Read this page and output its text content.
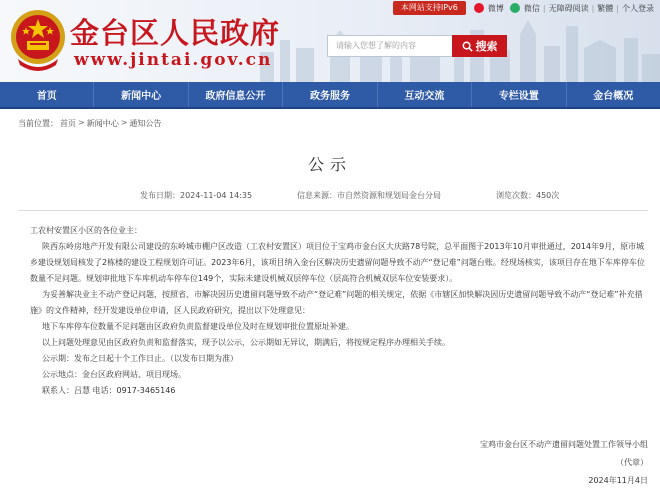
本网站支持IPv6	微博	微信 | 无障碍阅读 | 繁體 | 个人登录
金台区人民政府
www.jintai.gov.cn
请输入您想了解的内容	搜索
首页	新闻中心	政府信息公开	政务服务	互动交流	专栏设置	金台概况
当前位置： 首页 > 新闻中心 > 通知公告
公示
发布日期：2024-11-04 14:35	信息来源：市自然资源和规划局金台分局	浏览次数：450次

工农村安置区小区的各位业主：

陕西东岭房地产开发有限公司建设的东岭城市棚户区改造（工农村安置区）项目位于宝鸡市金台区大庆路78号院，总平面图于2013年10月审批通过，2014年9月，原市城乡建设规划局核发了2栋楼的建设工程规划许可证。2023年6月，该项目纳入金台区解决历史遗留问题导致不动产“登记难”问题台账。经现场核实，该项目存在地下车库停车位数量不足问题。规划审批地下车库机动车停车位149个，实际未建设机械双层停车位（层高符合机械双层车位安装要求）。

为妥善解决业主不动产登记问题，按照省、市解决因历史遗留问题导致不动产“登记难”问题的相关规定，依据《市辖区加快解决因历史遗留问题导致不动产“登记难”补充措施》的文件精神，经开发建设单位申请，区人民政府研究，提出以下处理意见：

地下车库停车位数量不足问题由区政府负责监督建设单位及时在规划审批位置原址补建。

以上问题处理意见由区政府负责和监督落实，现予以公示，公示期如无异议，期满后，将按规定程序办理相关手续。

公示期：发布之日起十个工作日止。（以发布日期为准）

公示地点：金台区政府网站、项目现场。

联系人：吕慧 电话：0917-3465146

宝鸡市金台区不动产遗留问题处置工作领导小组
（代章）
2024年11月4日
